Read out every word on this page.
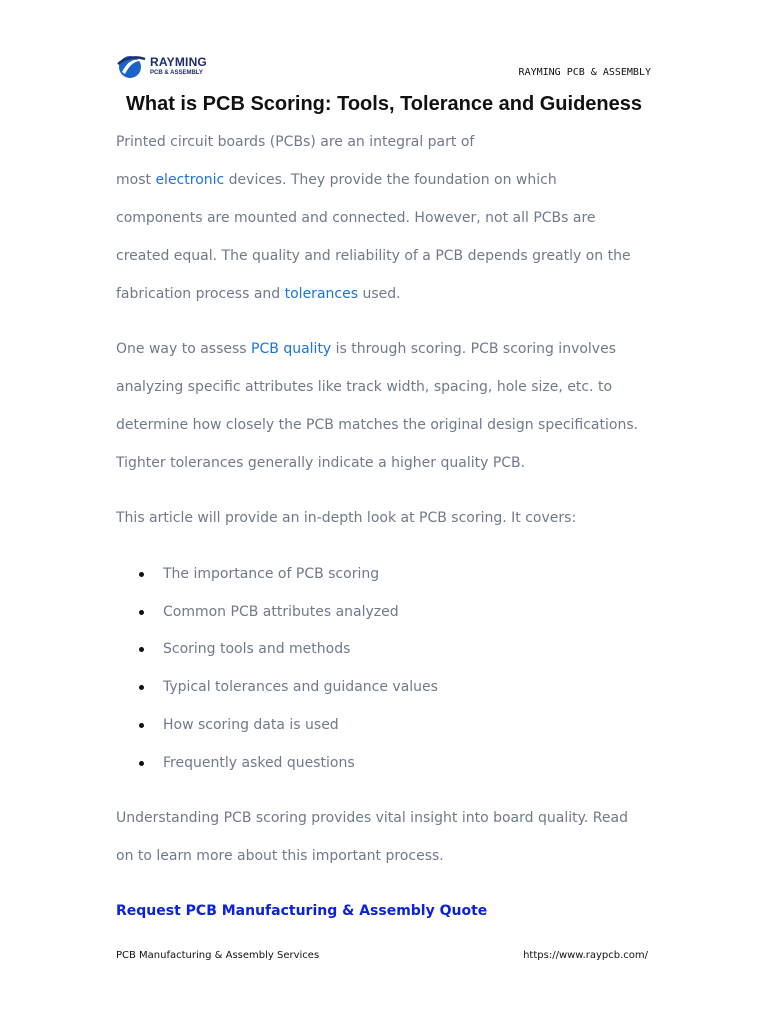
RAYMING
PCB & ASSEMBLY	RAYMING PCB & ASSEMBLY
What is PCB Scoring: Tools, Tolerance and Guideness
Printed circuit boards (PCBs) are an integral part of
most electronic devices. They provide the foundation on which
components are mounted and connected. However, not all PCBs are
created equal. The quality and reliability of a PCB depends greatly on the
fabrication process and tolerances used.
One way to assess PCB quality is through scoring. PCB scoring involves
analyzing specific attributes like track width, spacing, hole size, etc. to
determine how closely the PCB matches the original design specifications.
Tighter tolerances generally indicate a higher quality PCB.
This article will provide an in-depth look at PCB scoring. It covers:
The importance of PCB scoring
Common PCB attributes analyzed
Scoring tools and methods
Typical tolerances and guidance values
How scoring data is used
Frequently asked questions
Understanding PCB scoring provides vital insight into board quality. Read
on to learn more about this important process.
Request PCB Manufacturing & Assembly Quote
PCB Manufacturing & Assembly Services	https://www.raypcb.com/
